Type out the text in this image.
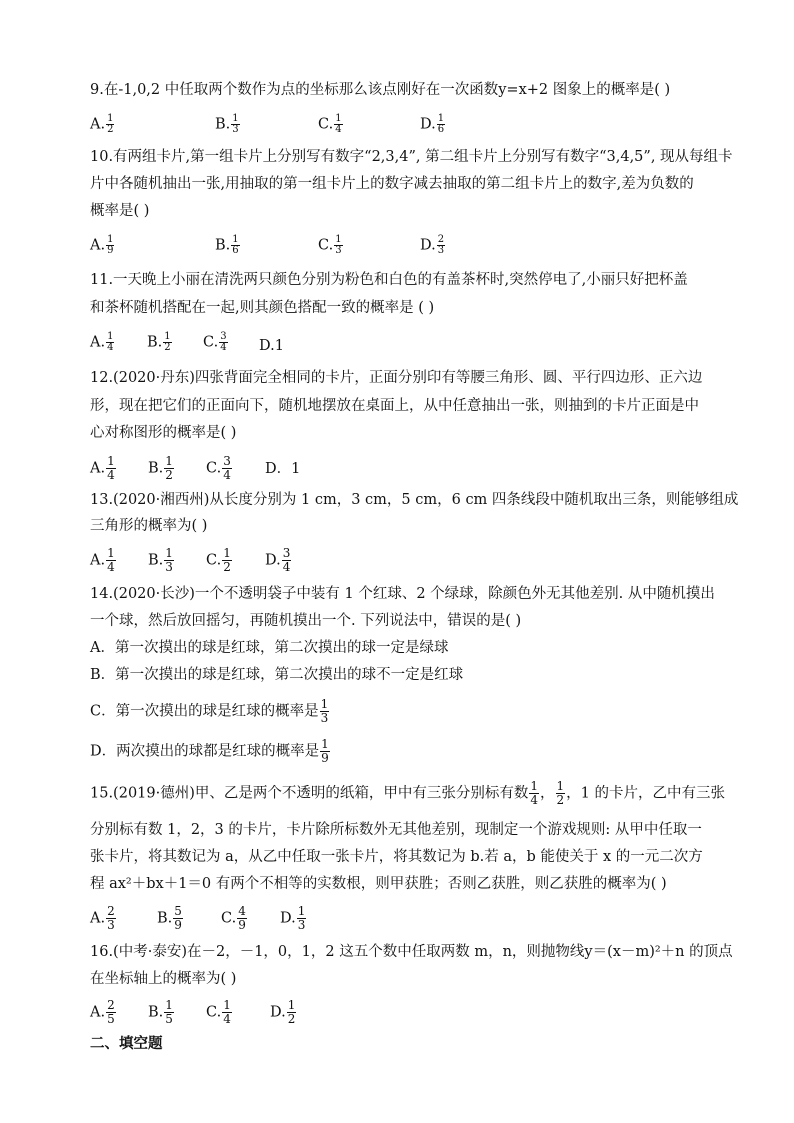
9.在-1,0,2 中任取两个数作为点的坐标那么该点刚好在一次函数y=x+2 图象上的概率是( )
A. $\frac{1}{2}$	B. $\frac{1}{3}$	C. $\frac{1}{4}$	D. $\frac{1}{6}$
10.有两组卡片,第一组卡片上分别写有数字“2,3,4”, 第二组卡片上分别写有数字“3,4,5”, 现从每组卡
片中各随机抽出一张,用抽取的第一组卡片上的数字减去抽取的第二组卡片上的数字,差为负数的
概率是( )
A. $\frac{1}{9}$	B. $\frac{1}{6}$	C. $\frac{1}{3}$	D. $\frac{2}{3}$
11.一天晚上小丽在清洗两只颜色分别为粉色和白色的有盖茶杯时,突然停电了,小丽只好把杯盖
和茶杯随机搭配在一起,则其颜色搭配一致的概率是 ( )
A. $\frac{1}{4} B$. $\frac{1}{2} C$. $\frac{3}{4} D.1$
12.(2020·丹东)四张背面完全相同的卡片，正面分别印有等腰三角形、圆、平行四边形、正六边
形，现在把它们的正面向下，随机地摆放在桌面上，从中任意抽出一张，则抽到的卡片正面是中
心对称图形的概率是( )
A. $\frac{1}{4} B$. $\frac{1}{2} C$. $\frac{3}{4}$ D．1
13.(2020·湘西州)从长度分别为 1 cm，3 cm，5 cm，6 cm 四条线段中随机取出三条，则能够组成
三角形的概率为( )
A. $\frac{1}{4} B$. $\frac{1}{3} C$. $\frac{1}{2} D$. $\frac{3}{4}$
14.(2020·长沙)一个不透明袋子中装有 1 个红球、2 个绿球，除颜色外无其他差别. 从中随机摸出
一个球，然后放回摇匀，再随机摸出一个. 下列说法中，错误的是( )
A．第一次摸出的球是红球，第二次摸出的球一定是绿球
B．第一次摸出的球是红球，第二次摸出的球不一定是红球
C．第一次摸出的球是红球的概率是 $\frac{1}{3}$
D．两次摸出的球都是红球的概率是 $\frac{1}{9}$
15.(2019·德州)甲、乙是两个不透明的纸箱，甲中有三张分别标有数 $\frac{1}{4}$ ， $\frac{1}{2}$ ，1 的卡片，乙中有三张
分别标有数 1，2，3 的卡片，卡片除所标数外无其他差别，现制定一个游戏规则: 从甲中任取一
张卡片，将其数记为 a，从乙中任取一张卡片，将其数记为 b.若 a，b 能使关于 x 的一元二次方
程 ax²＋bx＋1＝0 有两个不相等的实数根，则甲获胜；否则乙获胜，则乙获胜的概率为( )
A. $\frac{2}{3}$	B. $\frac{5}{9}$	C. $\frac{4}{9} D$. $\frac{1}{3}$
16.(中考·泰安)在－2，－1，0，1，2 这五个数中任取两数 m，n，则抛物线y＝(x－m)²＋n 的顶点
在坐标轴上的概率为( )
A. $\frac{2}{5} B$. $\frac{1}{5} C$. $\frac{1}{4}$	D. $\frac{1}{2}$
二、填空题
